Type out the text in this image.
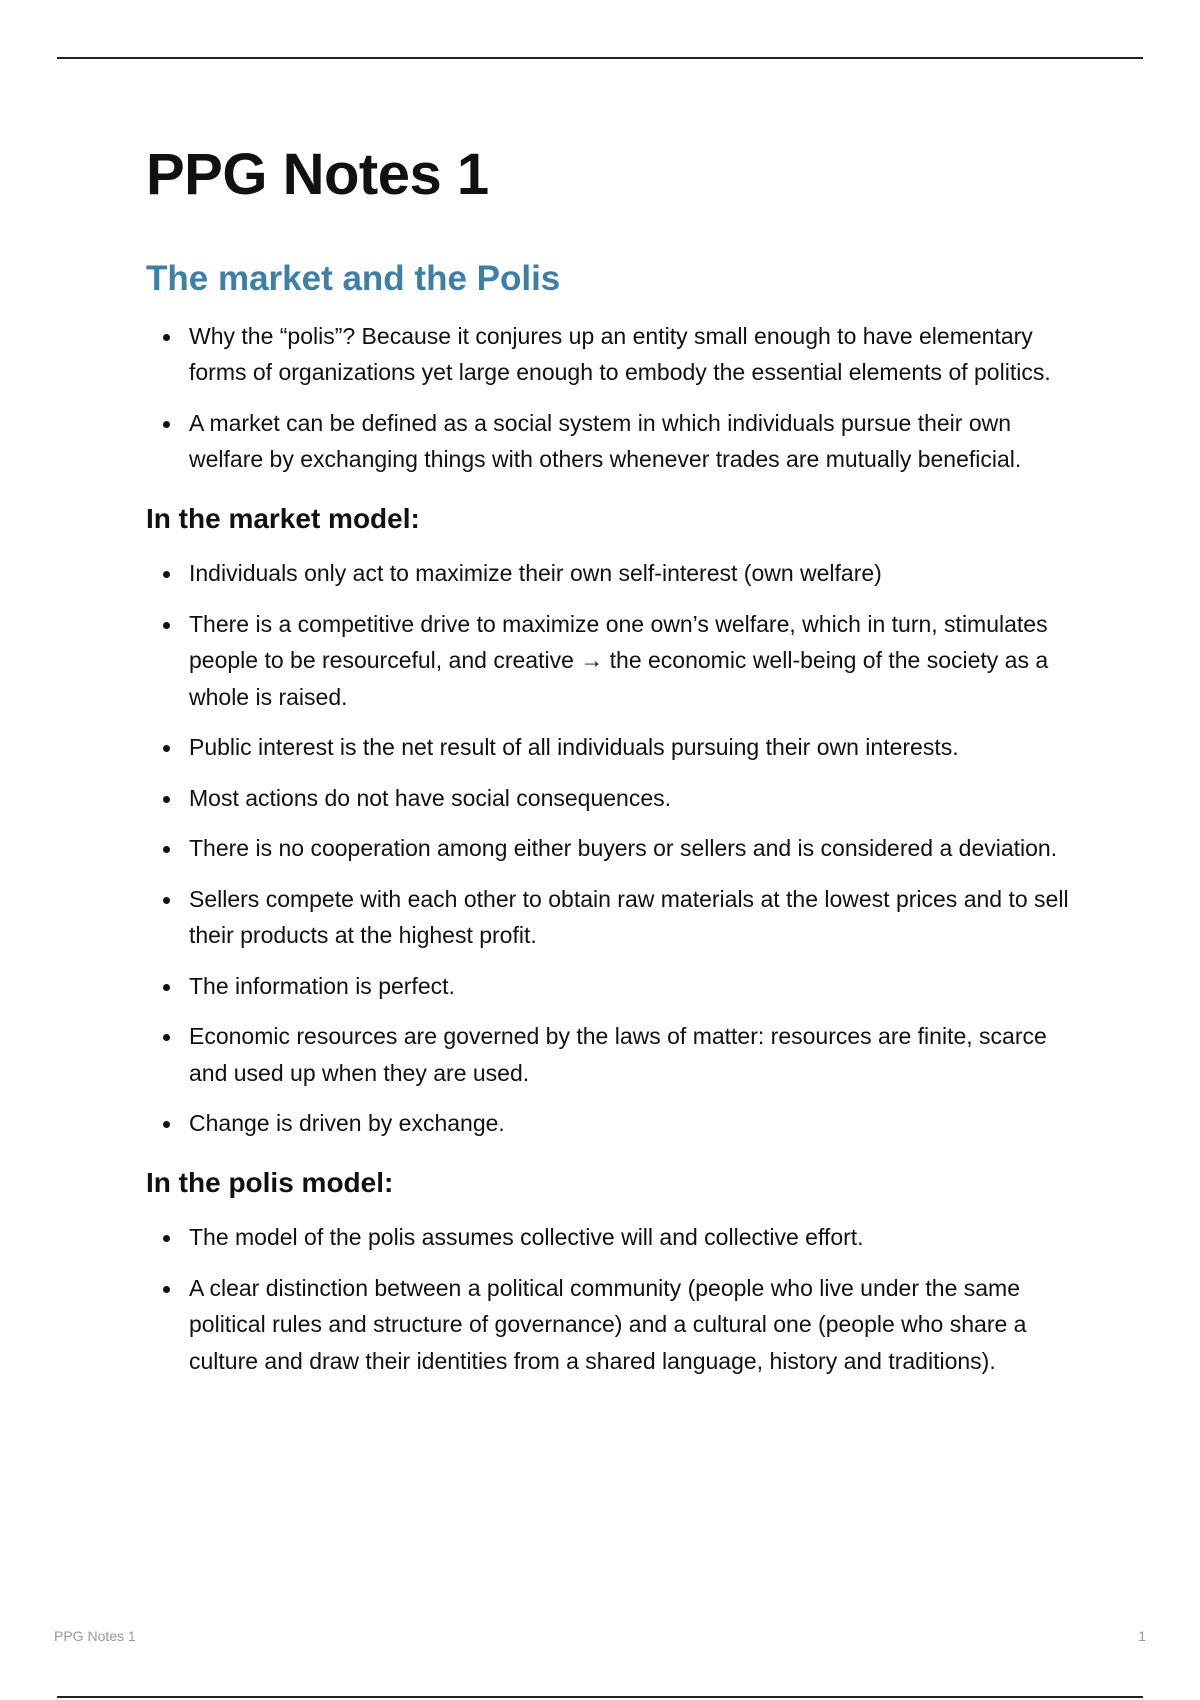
PPG Notes 1
The market and the Polis
Why the “polis”? Because it conjures up an entity small enough to have elementary forms of organizations yet large enough to embody the essential elements of politics.
A market can be defined as a social system in which individuals pursue their own welfare by exchanging things with others whenever trades are mutually beneficial.
In the market model:
Individuals only act to maximize their own self-interest (own welfare)
There is a competitive drive to maximize one own’s welfare, which in turn, stimulates people to be resourceful, and creative → the economic well-being of the society as a whole is raised.
Public interest is the net result of all individuals pursuing their own interests.
Most actions do not have social consequences.
There is no cooperation among either buyers or sellers and is considered a deviation.
Sellers compete with each other to obtain raw materials at the lowest prices and to sell their products at the highest profit.
The information is perfect.
Economic resources are governed by the laws of matter: resources are finite, scarce and used up when they are used.
Change is driven by exchange.
In the polis model:
The model of the polis assumes collective will and collective effort.
A clear distinction between a political community (people who live under the same political rules and structure of governance) and a cultural one (people who share a culture and draw their identities from a shared language, history and traditions).
PPG Notes 1	1
